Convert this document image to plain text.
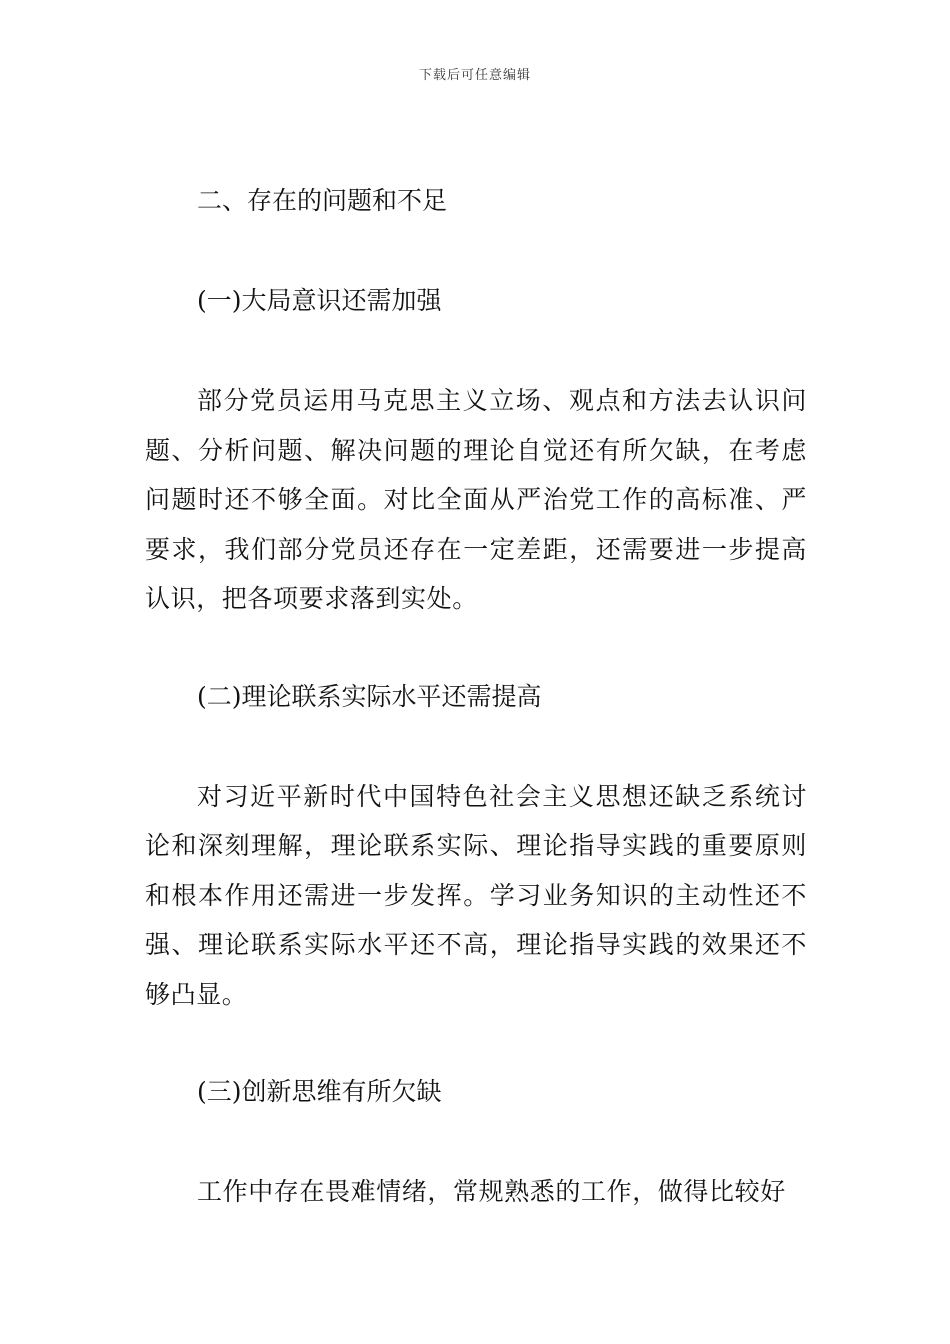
下载后可任意编辑

二、存在的问题和不足

(一)大局意识还需加强

部分党员运用马克思主义立场、观点和方法去认识问题、分析问题、解决问题的理论自觉还有所欠缺，在考虑问题时还不够全面。对比全面从严治党工作的高标准、严要求，我们部分党员还存在一定差距，还需要进一步提高认识，把各项要求落到实处。

(二)理论联系实际水平还需提高

对习近平新时代中国特色社会主义思想还缺乏系统讨论和深刻理解，理论联系实际、理论指导实践的重要原则和根本作用还需进一步发挥。学习业务知识的主动性还不强、理论联系实际水平还不高，理论指导实践的效果还不够凸显。

(三)创新思维有所欠缺

工作中存在畏难情绪，常规熟悉的工作，做得比较好
